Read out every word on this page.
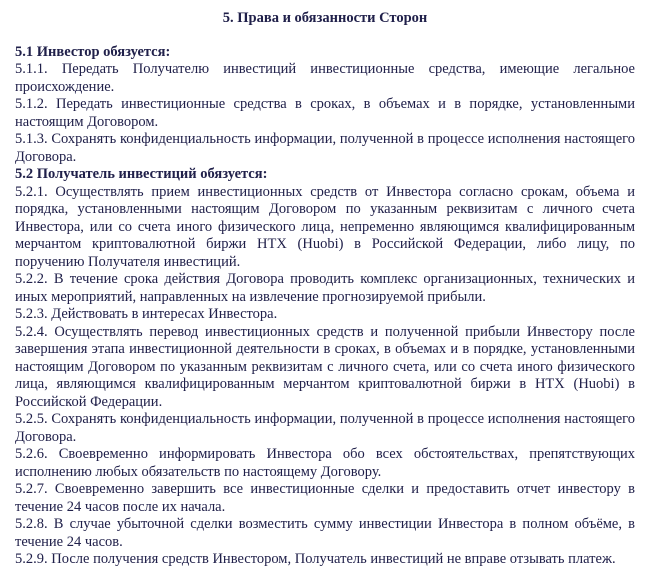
5. Права и обязанности Сторон

5.1 Инвестор обязуется:

5.1.1. Передать Получателю инвестиций инвестиционные средства, имеющие легальное происхождение.

5.1.2. Передать инвестиционные средства в сроках, в объемах и в порядке, установленными настоящим Договором.

5.1.3. Сохранять конфиденциальность информации, полученной в процессе исполнения настоящего Договора.

5.2 Получатель инвестиций обязуется:

5.2.1. Осуществлять прием инвестиционных средств от Инвестора согласно срокам, объема и порядка, установленными настоящим Договором по указанным реквизитам с личного счета Инвестора, или со счета иного физического лица, непременно являющимся квалифицированным мерчантом криптовалютной биржи HTX (Huobi) в Российской Федерации, либо лицу, по поручению Получателя инвестиций.

5.2.2. В течение срока действия Договора проводить комплекс организационных, технических и иных мероприятий, направленных на извлечение прогнозируемой прибыли.

5.2.3. Действовать в интересах Инвестора.

5.2.4. Осуществлять перевод инвестиционных средств и полученной прибыли Инвестору после завершения этапа инвестиционной деятельности в сроках, в объемах и в порядке, установленными настоящим Договором по указанным реквизитам с личного счета, или со счета иного физического лица, являющимся квалифицированным мерчантом криптовалютной биржи в HTX (Huobi) в Российской Федерации.

5.2.5. Сохранять конфиденциальность информации, полученной в процессе исполнения настоящего Договора.

5.2.6. Своевременно информировать Инвестора обо всех обстоятельствах, препятствующих исполнению любых обязательств по настоящему Договору.

5.2.7. Своевременно завершить все инвестиционные сделки и предоставить отчет инвестору в течение 24 часов после их начала.

5.2.8. В случае убыточной сделки возместить сумму инвестиции Инвестора в полном объёме, в течение 24 часов.

5.2.9. После получения средств Инвестором, Получатель инвестиций не вправе отзывать платеж.
